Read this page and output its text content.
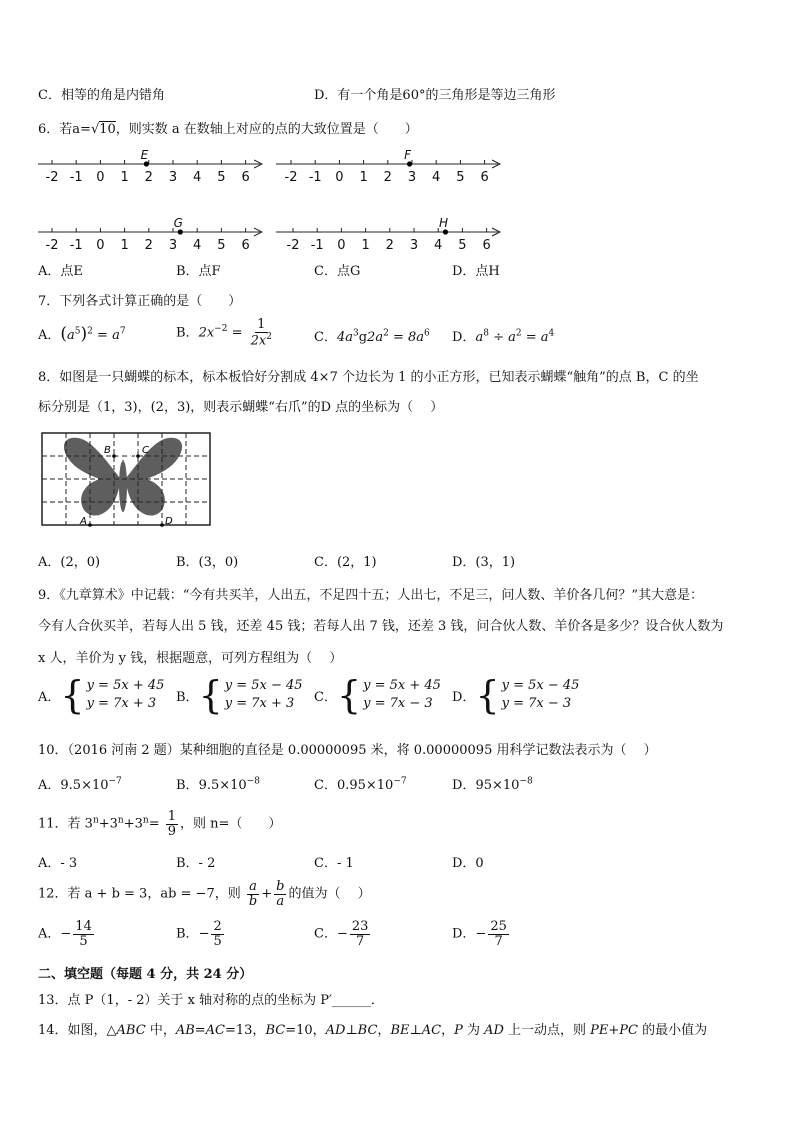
C．相等的角是内错角	D．有一个角是60°的三角形是等边三角形
6．若a=√10，则实数 a 在数轴上对应的点的大致位置是（　　）
-2 -1 0 1 2 3 4 5 6
E
-2 -1 0 1 2 3 4 5 6
F
-2 -1 0 1 2 3 4 5 6
G
-2 -1 0 1 2 3 4 5 6
H
A．点E	B．点F	C．点G	D．点H
7．下列各式计算正确的是（　　）
A．$(a^5)^2 = a^7$	B．$2x^{-2} = \frac{1}{2x^2}$	C．$4a^3g2a^2 = 8a^6$ D．$a^8 \div a^2 = a^4$
8．如图是一只蝴蝶的标本，标本板恰好分割成 4×7 个边长为 1 的小正方形，已知表示蝴蝶“触角”的点 B，C 的坐
标分别是（1，3)，(2，3)，则表示蝴蝶“右爪”的D 点的坐标为（　 ）
B	C
A	D
A．(2，0)	B．(3，0)	C．(2，1)	D．(3，1)
9．《九章算术》中记载：“今有共买羊，人出五，不足四十五；人出七，不足三，问人数、羊价各几何？”其大意是：
今有人合伙买羊，若每人出 5 钱，还差 45 钱；若每人出 7 钱，还差 3 钱，问合伙人数、羊价各是多少？设合伙人数为
x 人，羊价为 y 钱，根据题意，可列方程组为（　 ）
A． { y = 5x + 45
y = 7x + 3	B． { y = 5x − 45
y = 7x + 3	C． { y = 5x + 45
y = 7x − 3	D． { y = 5x − 45
y = 7x − 3
10．（2016 河南 2 题）某种细胞的直径是 0.00000095 米，将 0.00000095 用科学记数法表示为（　 ）
A．$9.5\times 10^{-7}$	B．$9.5\times 10^{-8}$	C．$0.95\times 10^{-7}$	D．$95\times 10^{-8}$
11．若 $3^n+3^n+3^n= \frac{1}{9}$ ，则 n=（　　）
A．- 3	B．- 2	C．- 1	D．0
12．若 a + b = 3，ab = −7，则 $\frac{a}{b} + \frac{b}{a}$ 的值为（　 ）
A．− $\frac{14}{5}$	B．− $\frac{2}{5}$	C．− $\frac{23}{7}$	D．− $\frac{25}{7}$
二、填空题（每题 4 分，共 24 分）
13．点 P（1，- 2）关于 x 轴对称的点的坐标为 P′______．
14．如图，△ABC 中，AB=AC=13，BC=10，AD⊥BC，BE⊥AC，P 为 AD 上一动点，则 PE+PC 的最小值为
